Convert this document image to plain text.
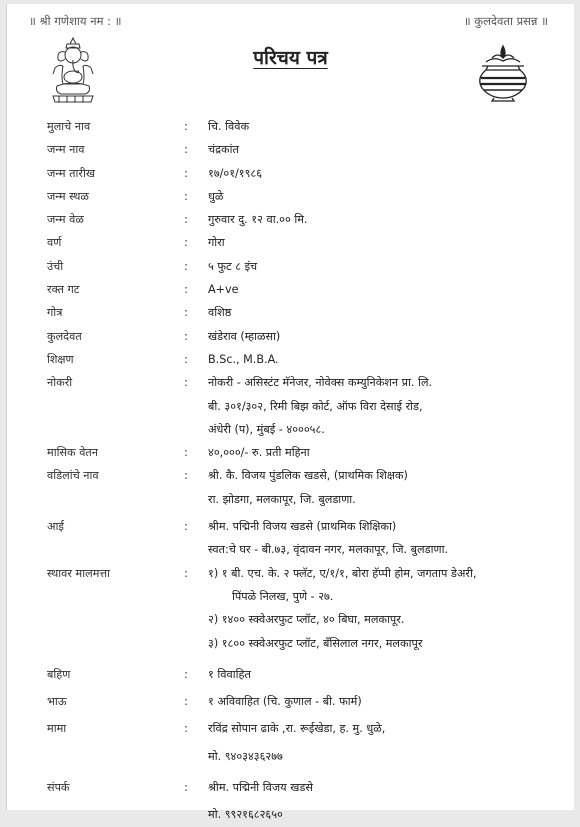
॥ श्री गणेशाय नम : ॥	॥ कुलदेवता प्रसन्न ॥
परिचय पत्र
मुलाचे नाव	:	चि. विवेक
जन्म नाव	:	चंद्रकांत
जन्म तारीख	:	१७/०१/१९८६
जन्म स्थळ	:	धुळे
जन्म वेळ	:	गुरुवार दु. १२ वा.०० मि.
वर्ण	:	गोरा
उंची	:	५ फुट ८ इंच
रक्त गट	:	A+ve
गोत्र	:	वशिष्ठ
कुलदेवत	:	खंडेराव (म्हाळसा)
शिक्षण	:	B.Sc., M.B.A.
नोकरी	:	नोकरी - असिस्टंट मॅनेजर, नोवेक्स कम्युनिकेशन प्रा. लि.
बी. ३०१/३०२, रिमी बिझ कोर्ट, ऑफ विरा देसाई रोड,
अंधेरी (प), मुंबई - ४०००५८.
मासिक वेतन	:	४०,०००/- रु. प्रती महिना
वडिलांचे नाव	:	श्री. कै. विजय पुंडलिक खडसे, (प्राथमिक शिक्षक)
रा. झोडगा, मलकापूर, जि. बुलडाणा.
आई	:	श्रीम. पद्मिनी विजय खडसे (प्राथमिक शिक्षिका)
स्वत:चे घर - बी.७३, वृंदावन नगर, मलकापूर, जि. बुलडाणा.
स्थावर मालमत्ता	:	१) १ बी. एच. के. २ फ्लॅट, ए/१/१, बोरा हॅप्पी होम, जगताप डेअरी,
पिंपळे निलख, पुणे - २७.
२) १४०० स्क्वेअरफुट प्लॉट, ४० बिघा, मलकापूर.
३) १८०० स्क्वेअरफुट प्लॉट, बॅंसिलाल नगर, मलकापूर
बहिण	:	१ विवाहित
भाऊ	:	१ अविवाहित (चि. कुणाल - बी. फार्म)
मामा	:	रविंद्र सोपान ढाके ,रा. रूईखेडा, ह. मु. धुळे,
मो. ९४०३४३६२७७
संपर्क	:	श्रीम. पद्मिनी विजय खडसे
मो. ९९२१६८२६५०
